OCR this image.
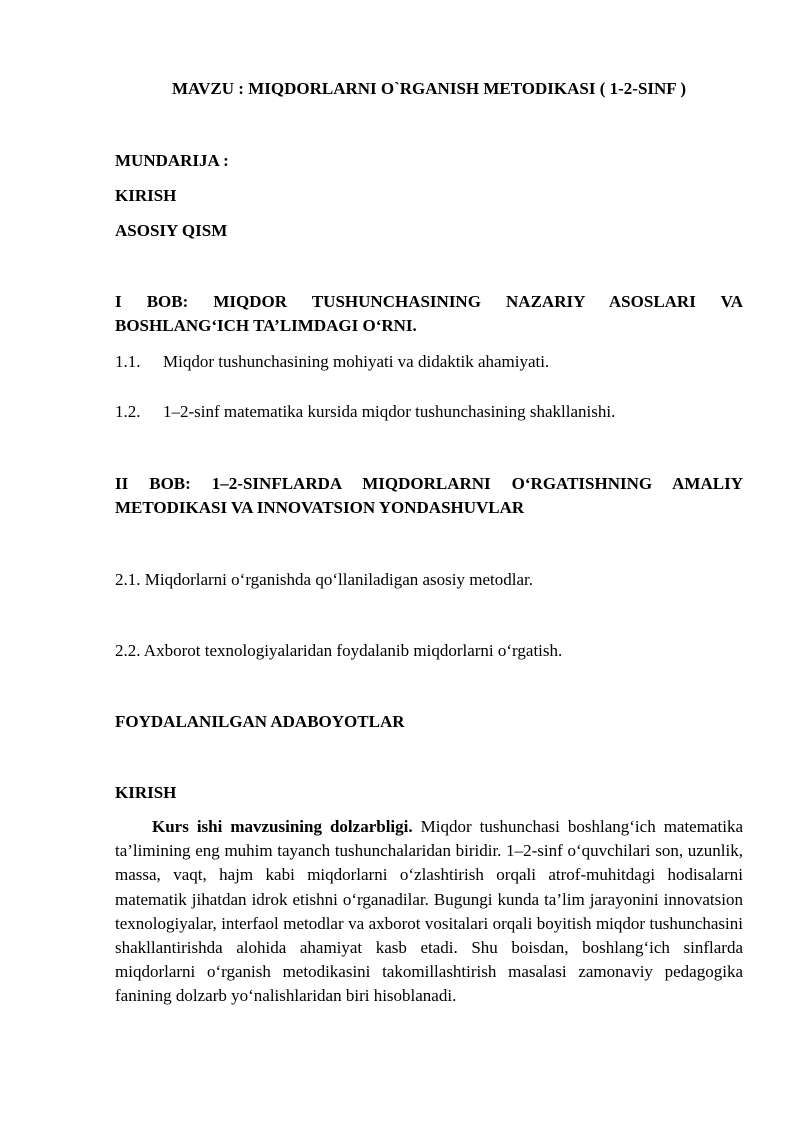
MAVZU : MIQDORLARNI O`RGANISH METODIKASI ( 1-2-SINF )
MUNDARIJA :
KIRISH
ASOSIY QISM
I BOB: MIQDOR TUSHUNCHASINING NAZARIY ASOSLARI VA
BOSHLANG‘ICH TA’LIMDAGI O‘RNI.
1.1. Miqdor tushunchasining mohiyati va didaktik ahamiyati.
1.2. 1–2-sinf matematika kursida miqdor tushunchasining shakllanishi.
II BOB: 1–2-SINFLARDA MIQDORLARNI O‘RGATISHNING AMALIY
METODIKASI VA INNOVATSION YONDASHUVLAR
2.1. Miqdorlarni o‘rganishda qo‘llaniladigan asosiy metodlar.
2.2. Axborot texnologiyalaridan foydalanib miqdorlarni o‘rgatish.
FOYDALANILGAN ADABOYOTLAR
KIRISH
Kurs ishi mavzusining dolzarbligi. Miqdor tushunchasi boshlang‘ich matematika ta’limining eng muhim tayanch tushunchalaridan biridir. 1–2-sinf o‘quvchilari son, uzunlik, massa, vaqt, hajm kabi miqdorlarni o‘zlashtirish orqali atrof-muhitdagi hodisalarni matematik jihatdan idrok etishni o‘rganadilar. Bugungi kunda ta’lim jarayonini innovatsion texnologiyalar, interfaol metodlar va axborot vositalari orqali boyitish miqdor tushunchasini shakllantirishda alohida ahamiyat kasb etadi. Shu boisdan, boshlang‘ich sinflarda miqdorlarni o‘rganish metodikasini takomillashtirish masalasi zamonaviy pedagogika fanining dolzarb yo‘nalishlaridan biri hisoblanadi.
